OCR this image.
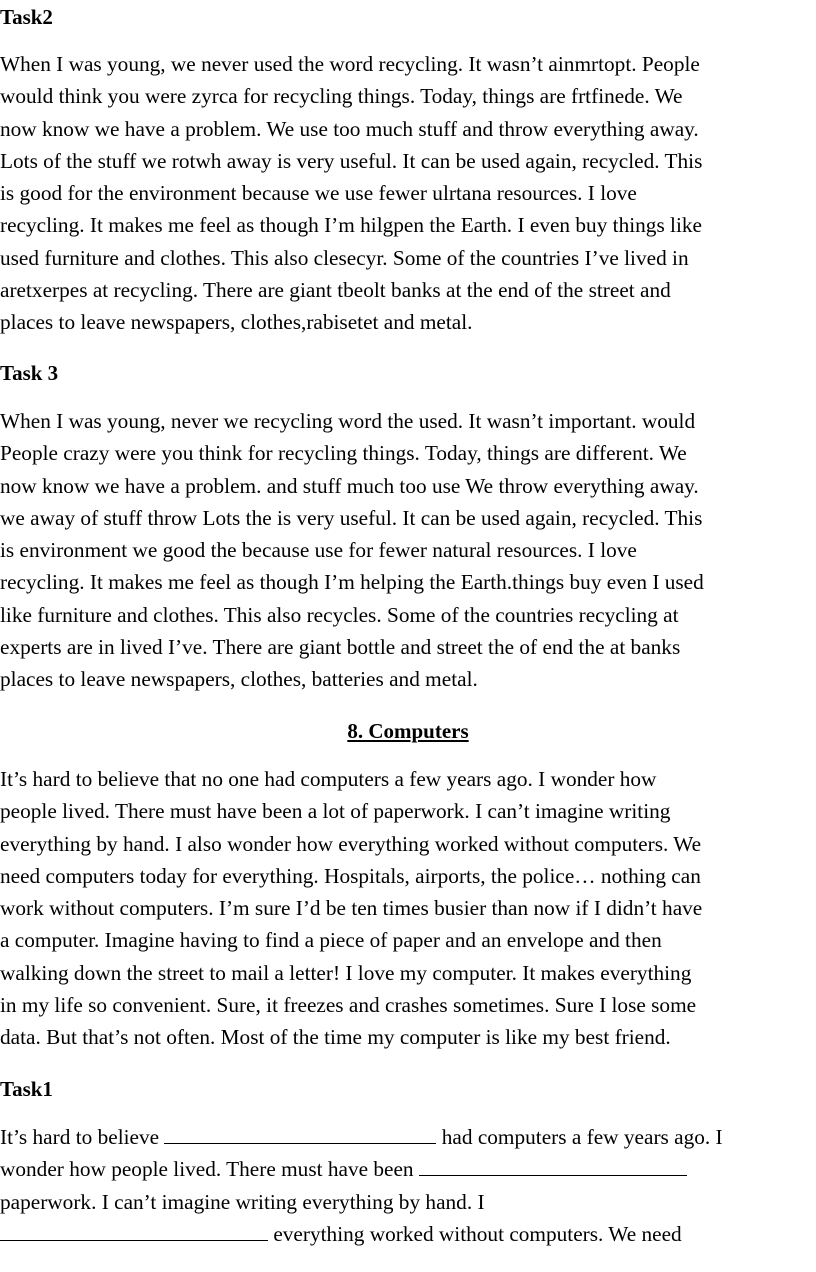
Task2
When I was young, we never used the word recycling. It wasn’t ainmrtopt. People
would think you were zyrca for recycling things. Today, things are frtfinede. We
now know we have a problem. We use too much stuff and throw everything away.
Lots of the stuff we rotwh away is very useful. It can be used again, recycled. This
is good for the environment because we use fewer ulrtana resources. I love
recycling. It makes me feel as though I’m hilgpen the Earth. I even buy things like
used furniture and clothes. This also clesecyr. Some of the countries I’ve lived in
aretxerpes at recycling. There are giant tbeolt banks at the end of the street and
places to leave newspapers, clothes,rabisetet and metal.
Task 3
When I was young, never we recycling word the used. It wasn’t important. would
People crazy were you think for recycling things. Today, things are different. We
now know we have a problem. and stuff much too use We throw everything away.
we away of stuff throw Lots the is very useful. It can be used again, recycled. This
is environment we good the because use for fewer natural resources. I love
recycling. It makes me feel as though I’m helping the Earth.things buy even I used
like furniture and clothes. This also recycles. Some of the countries recycling at
experts are in lived I’ve. There are giant bottle and street the of end the at banks
places to leave newspapers, clothes, batteries and metal.
8. Computers
It’s hard to believe that no one had computers a few years ago. I wonder how
people lived. There must have been a lot of paperwork. I can’t imagine writing
everything by hand. I also wonder how everything worked without computers. We
need computers today for everything. Hospitals, airports, the police… nothing can
work without computers. I’m sure I’d be ten times busier than now if I didn’t have
a computer. Imagine having to find a piece of paper and an envelope and then
walking down the street to mail a letter! I love my computer. It makes everything
in my life so convenient. Sure, it freezes and crashes sometimes. Sure I lose some
data. But that’s not often. Most of the time my computer is like my best friend.
Task1
It’s hard to believe	had computers a few years ago. I
wonder how people lived. There must have been
paperwork. I can’t imagine writing everything by hand. I
everything worked without computers. We need
